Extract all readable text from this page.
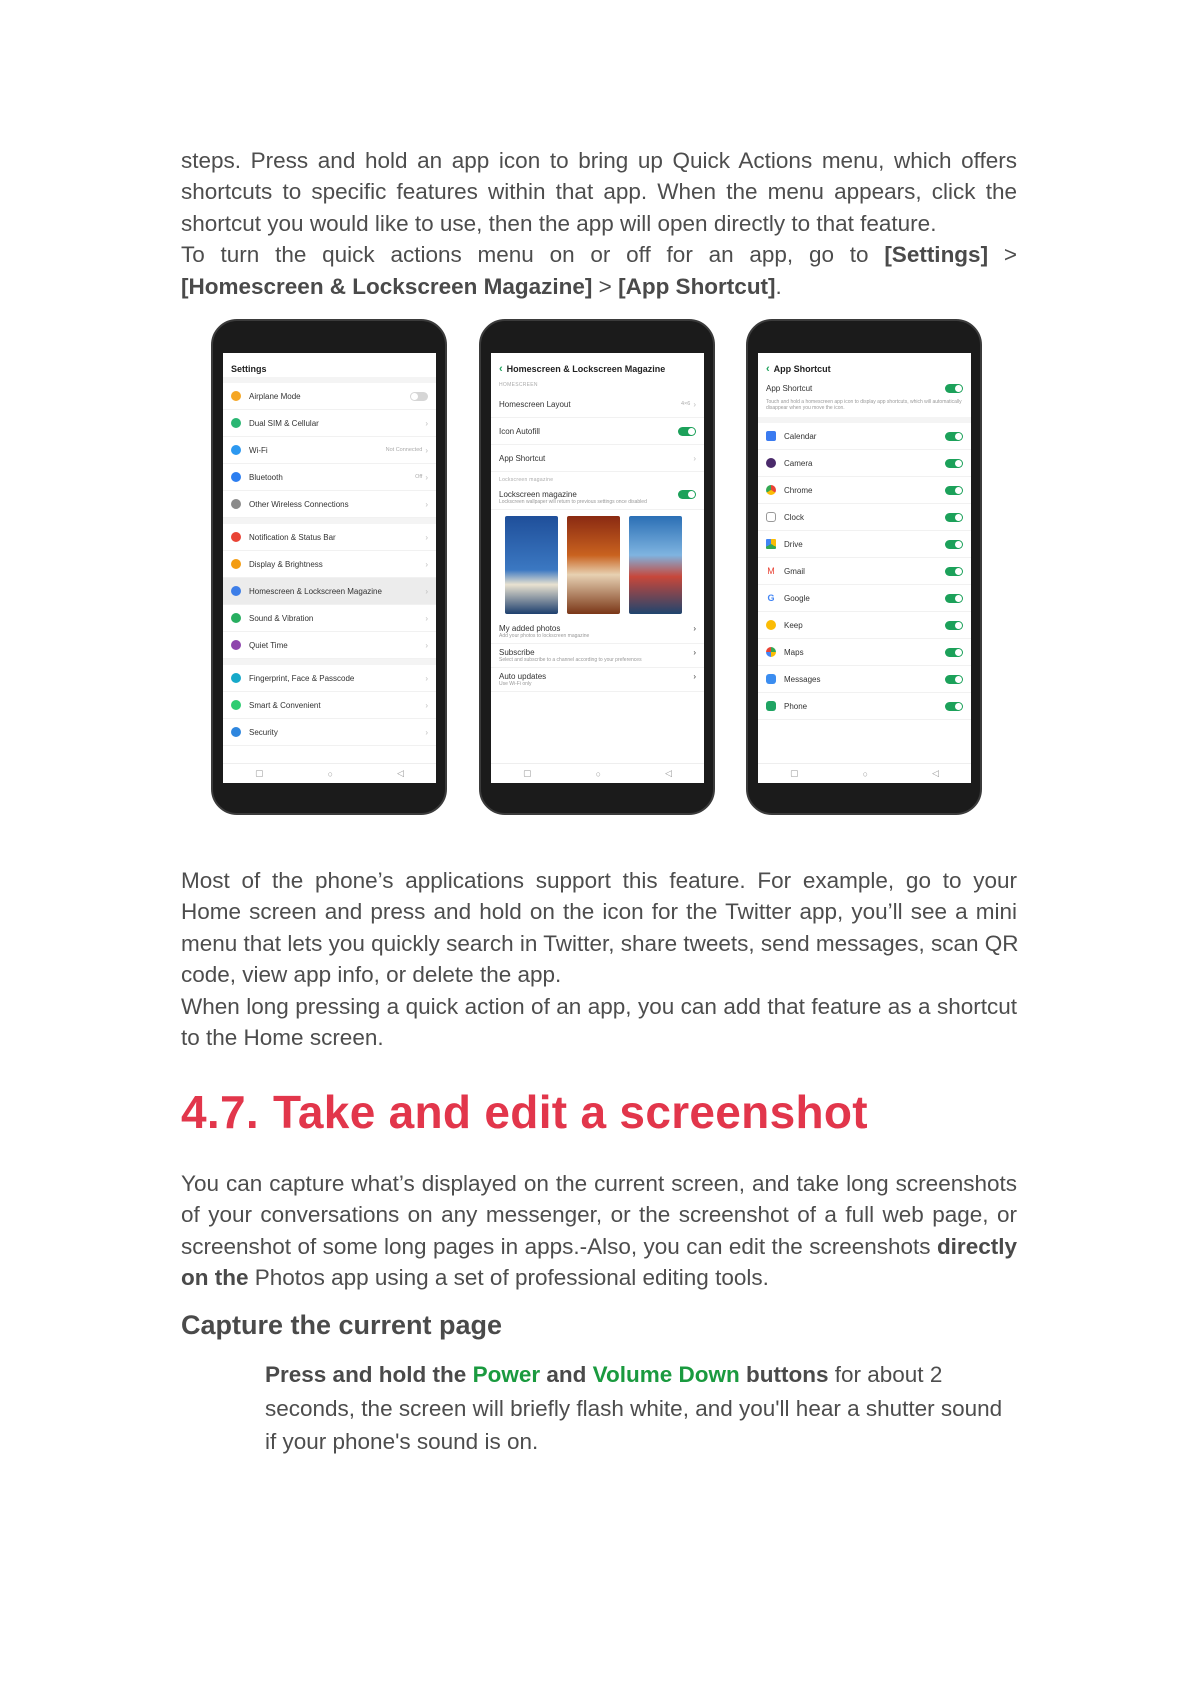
steps. Press and hold an app icon to bring up Quick Actions menu, which offers
shortcuts to specific features within that app. When the menu appears, click the
shortcut you would like to use, then the app will open directly to that feature.
To turn the quick actions menu on or off for an app, go to [Settings] >
[Homescreen & Lockscreen Magazine] > [App Shortcut].
Settings
Airplane Mode
Dual SIM & Cellular	›
Wi-Fi	Not Connected ›
Bluetooth	Off ›
Other Wireless Connections	›
Notification & Status Bar	›
Display & Brightness	›
Homescreen & Lockscreen Magazine	›
Sound & Vibration	›
Quiet Time	›
Fingerprint, Face & Passcode	›
Smart & Convenient	›
Security	›
▢	○	◁
‹ Homescreen & Lockscreen Magazine
HOMESCREEN
Homescreen Layout	4×6 ›
Icon Autofill
App Shortcut	›
Lockscreen magazine
Lockscreen magazine
Lockscreen wallpaper will return to previous settings once disabled
My added photos	›
Add your photos to lockscreen magazine
Subscribe	›
Select and subscribe to a channel according to your preferences
Auto updates	›
Use Wi-Fi only
▢	○	◁
‹ App Shortcut
App Shortcut
Touch and hold a homescreen app icon to display app shortcuts, which will automatically disappear when you move the icon.
Calendar
Camera
Chrome
Clock
Drive
M Gmail
G Google
Keep
Maps
Messages
Phone
▢	○	◁
Most of the phone’s applications support this feature. For example, go to your
Home screen and press and hold on the icon for the Twitter app, you’ll see a mini
menu that lets you quickly search in Twitter, share tweets, send messages, scan QR
code, view app info, or delete the app.
When long pressing a quick action of an app, you can add that feature as a shortcut
to the Home screen.
4.7. Take and edit a screenshot
You can capture what’s displayed on the current screen, and take long screenshots
of your conversations on any messenger, or the screenshot of a full web page, or
screenshot of some long pages in apps.-Also, you can edit the screenshots directly
on the Photos app using a set of professional editing tools.
Capture the current page
Press and hold the Power and Volume Down buttons for about 2
seconds, the screen will briefly flash white, and you'll hear a shutter sound
if your phone's sound is on.
